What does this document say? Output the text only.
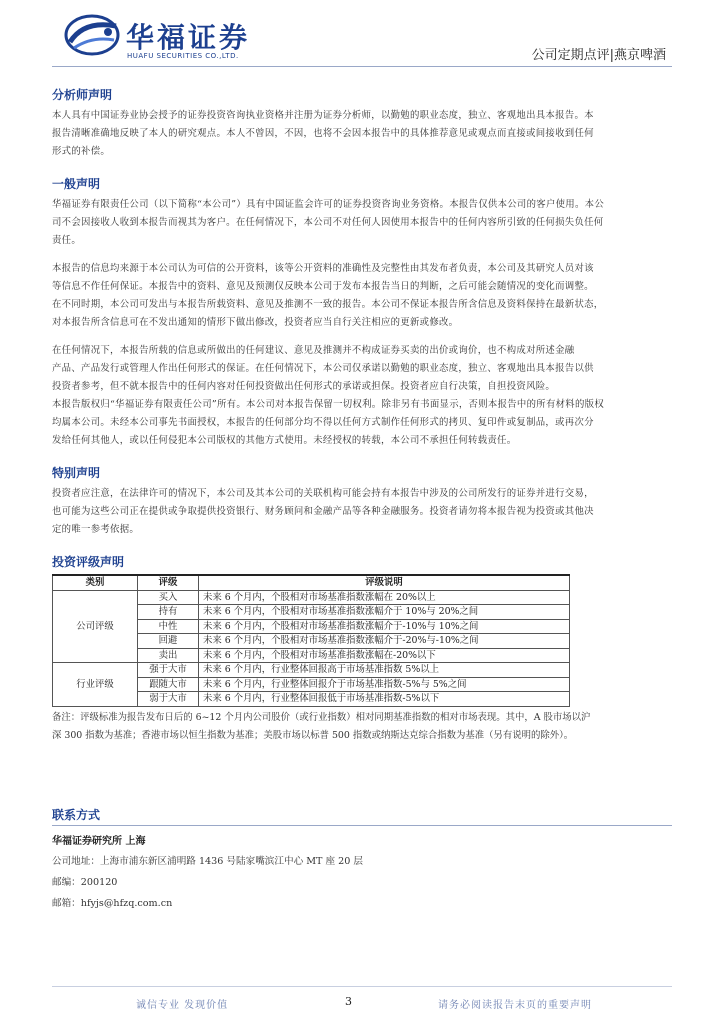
华福证券
HUAFU SECURITIES CO.,LTD.	公司定期点评|燕京啤酒
分析师声明

本人具有中国证券业协会授予的证券投资咨询执业资格并注册为证券分析师，以勤勉的职业态度，独立、客观地出具本报告。本

报告清晰准确地反映了本人的研究观点。本人不曾因，不因，也将不会因本报告中的具体推荐意见或观点而直接或间接收到任何

形式的补偿。

一般声明

华福证券有限责任公司（以下简称“本公司”）具有中国证监会许可的证券投资咨询业务资格。本报告仅供本公司的客户使用。本公

司不会因接收人收到本报告而视其为客户。在任何情况下，本公司不对任何人因使用本报告中的任何内容所引致的任何损失负任何

责任。

本报告的信息均来源于本公司认为可信的公开资料，该等公开资料的准确性及完整性由其发布者负责，本公司及其研究人员对该

等信息不作任何保证。本报告中的资料、意见及预测仅反映本公司于发布本报告当日的判断，之后可能会随情况的变化而调整。

在不同时期，本公司可发出与本报告所载资料、意见及推测不一致的报告。本公司不保证本报告所含信息及资料保持在最新状态，

对本报告所含信息可在不发出通知的情形下做出修改，投资者应当自行关注相应的更新或修改。

在任何情况下，本报告所载的信息或所做出的任何建议、意见及推测并不构成证券买卖的出价或询价，也不构成对所述金融

产品、产品发行或管理人作出任何形式的保证。在任何情况下，本公司仅承诺以勤勉的职业态度，独立、客观地出具本报告以供

投资者参考，但不就本报告中的任何内容对任何投资做出任何形式的承诺或担保。投资者应自行决策，自担投资风险。

本报告版权归“华福证券有限责任公司”所有。本公司对本报告保留一切权利。除非另有书面显示，否则本报告中的所有材料的版权

均属本公司。未经本公司事先书面授权，本报告的任何部分均不得以任何方式制作任何形式的拷贝、复印件或复制品，或再次分

发给任何其他人，或以任何侵犯本公司版权的其他方式使用。未经授权的转载，本公司不承担任何转载责任。

特别声明

投资者应注意，在法律许可的情况下，本公司及其本公司的关联机构可能会持有本报告中涉及的公司所发行的证券并进行交易，

也可能为这些公司正在提供或争取提供投资银行、财务顾问和金融产品等各种金融服务。投资者请勿将本报告视为投资或其他决

定的唯一参考依据。

投资评级声明
类别	评级	评级说明
公司评级	买入	未来 6 个月内，个股相对市场基准指数涨幅在 20%以上
	持有	未来 6 个月内，个股相对市场基准指数涨幅介于 10%与 20%之间
	中性	未来 6 个月内，个股相对市场基准指数涨幅介于-10%与 10%之间
	回避	未来 6 个月内，个股相对市场基准指数涨幅介于-20%与-10%之间
	卖出	未来 6 个月内，个股相对市场基准指数涨幅在-20%以下
行业评级	强于大市	未来 6 个月内，行业整体回报高于市场基准指数 5%以上
	跟随大市	未来 6 个月内，行业整体回报介于市场基准指数-5%与 5%之间
	弱于大市	未来 6 个月内，行业整体回报低于市场基准指数-5%以下
备注：评级标准为报告发布日后的 6~12 个月内公司股价（或行业指数）相对同期基准指数的相对市场表现。其中，A 股市场以沪
深 300 指数为基准；香港市场以恒生指数为基准；美股市场以标普 500 指数或纳斯达克综合指数为基准（另有说明的除外）。
联系方式
华福证券研究所 上海
公司地址：上海市浦东新区浦明路 1436 号陆家嘴滨江中心 MT 座 20 层
邮编：200120
邮箱：hfyjs@hfzq.com.cn
诚信专业 发现价值	3	请务必阅读报告末页的重要声明
